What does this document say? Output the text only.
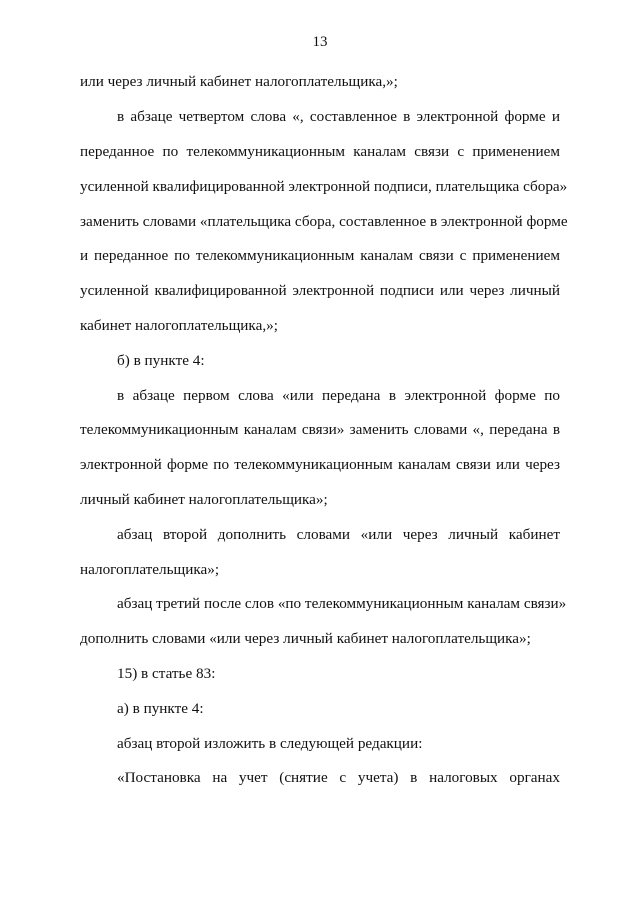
13
или через личный кабинет налогоплательщика,»;
в абзаце четвертом слова «, составленное в электронной форме и
переданное по телекоммуникационным каналам связи с применением
усиленной квалифицированной электронной подписи, плательщика сбора»
заменить словами «плательщика сбора, составленное в электронной форме
и переданное по телекоммуникационным каналам связи с применением
усиленной квалифицированной электронной подписи или через личный
кабинет налогоплательщика,»;
б) в пункте 4:
в абзаце первом слова «или передана в электронной форме по
телекоммуникационным каналам связи» заменить словами «, передана в
электронной форме по телекоммуникационным каналам связи или через
личный кабинет налогоплательщика»;
абзац второй дополнить словами «или через личный кабинет
налогоплательщика»;
абзац третий после слов «по телекоммуникационным каналам связи»
дополнить словами «или через личный кабинет налогоплательщика»;
15) в статье 83:
а) в пункте 4:
абзац второй изложить в следующей редакции:
«Постановка на учет (снятие с учета) в налоговых органах
